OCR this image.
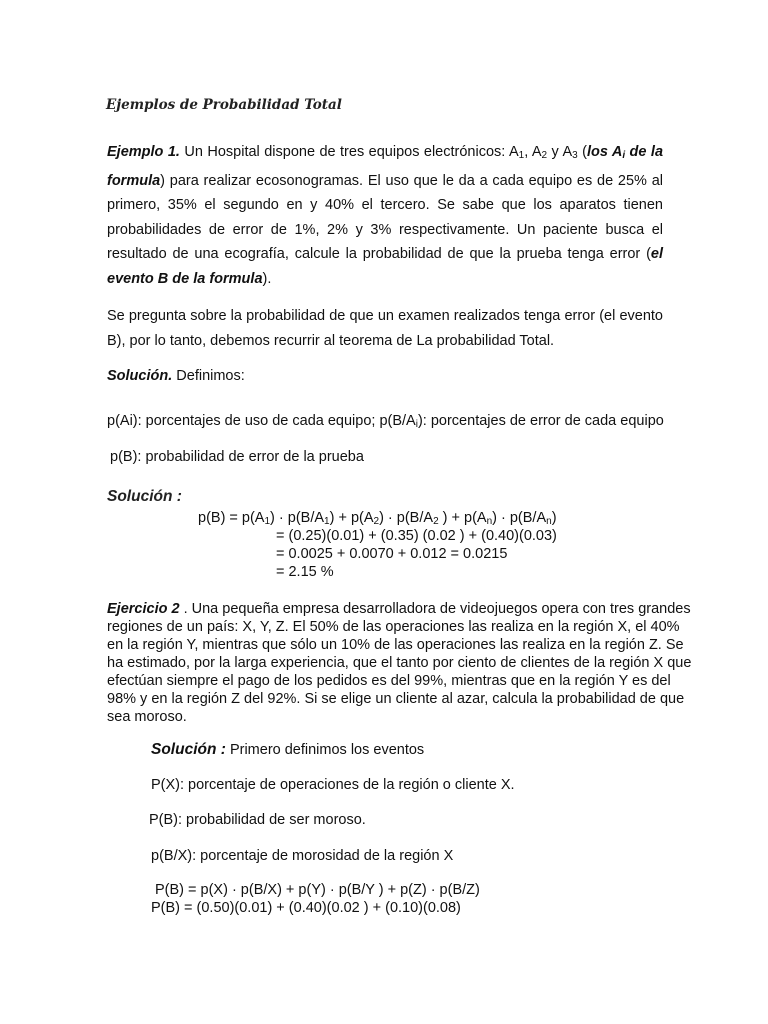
Ejemplos de Probabilidad Total
Ejemplo 1. Un Hospital dispone de tres equipos electrónicos: $A_1$, $A_2$ y $A_3$ (los $A_i$ de la formula) para realizar ecosonogramas. El uso que le da a cada equipo es de 25% al primero, 35% el segundo en y 40% el tercero. Se sabe que los aparatos tienen probabilidades de error de 1%, 2% y 3% respectivamente. Un paciente busca el resultado de una ecografía, calcule la probabilidad de que la prueba tenga error (el evento B de la formula).
Se pregunta sobre la probabilidad de que un examen realizados tenga error (el evento B), por lo tanto, debemos recurrir al teorema de La probabilidad Total.
Solución. Definimos:
p(Ai): porcentajes de uso de cada equipo; $p(B/A_i)$: porcentajes de error de cada equipo
p(B): probabilidad de error de la prueba
Solución :
$p(B) = p(A_1) \cdot p(B/A_1) + p(A_2) \cdot p(B/A_2$ ) + $p(A_n) \cdot p(B/A_n)$
= (0.25)(0.01) + (0.35) (0.02 ) + (0.40)(0.03)
= 0.0025 + 0.0070 + 0.012 = 0.0215
= 2.15 %
Ejercicio 2 . Una pequeña empresa desarrolladora de videojuegos opera con tres grandes
regiones de un país: X, Y, Z. El 50% de las operaciones las realiza en la región X, el 40%
en la región Y, mientras que sólo un 10% de las operaciones las realiza en la región Z. Se
ha estimado, por la larga experiencia, que el tanto por ciento de clientes de la región X que
efectúan siempre el pago de los pedidos es del 99%, mientras que en la región Y es del
98% y en la región Z del 92%. Si se elige un cliente al azar, calcula la probabilidad de que
sea moroso.
Solución : Primero definimos los eventos
P(X): porcentaje de operaciones de la región o cliente X.
P(B): probabilidad de ser moroso.
p(B/X): porcentaje de morosidad de la región X
P(B) = p(X) · p(B/X) + p(Y) · p(B/Y ) + p(Z) · p(B/Z)
P(B) = (0.50)(0.01) + (0.40)(0.02 ) + (0.10)(0.08)
